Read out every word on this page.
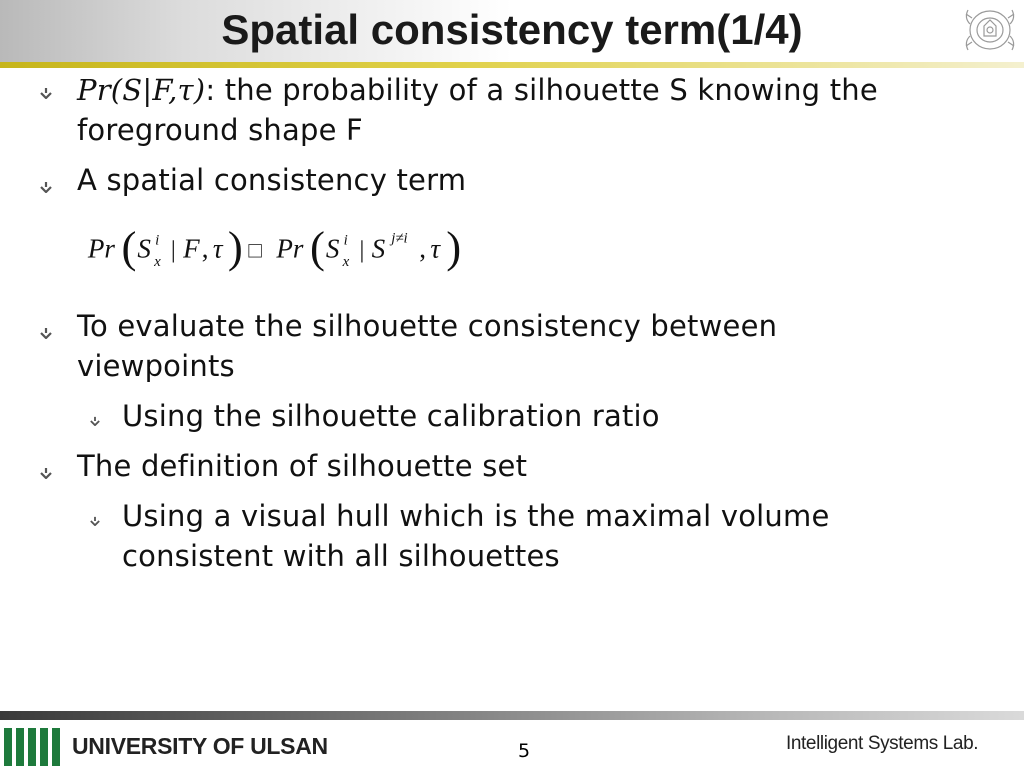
Spatial consistency term(1/4)
Pr(S|F,τ): the probability of a silhouette S knowing the
foreground shape F
A spatial consistency term
Pr ( S i
x | F , τ ) □ Pr ( S i
x | S j≠i , τ )
To evaluate the silhouette consistency between
viewpoints
Using the silhouette calibration ratio
The definition of silhouette set
Using a visual hull which is the maximal volume
consistent with all silhouettes
UNIVERSITY OF ULSAN	5	Intelligent Systems Lab.
